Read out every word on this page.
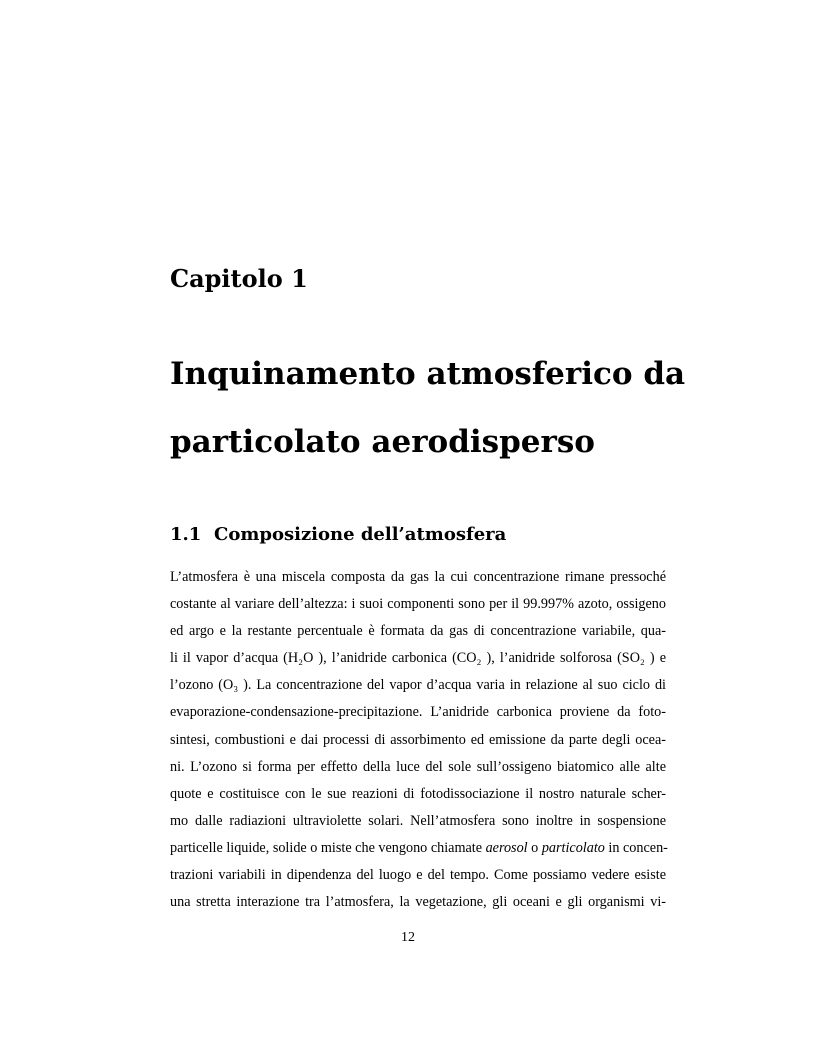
Capitolo 1
Inquinamento atmosferico da
particolato aerodisperso
1.1 Composizione dell’atmosfera
L’atmosfera è una miscela composta da gas la cui concentrazione rimane pressoché
costante al variare dell’altezza: i suoi componenti sono per il 99.997% azoto, ossigeno
ed argo e la restante percentuale è formata da gas di concentrazione variabile, qua-
li il vapor d’acqua (H₂O ), l’anidride carbonica (CO₂ ), l’anidride solforosa (SO₂ ) e
l’ozono (O₃ ). La concentrazione del vapor d’acqua varia in relazione al suo ciclo di
evaporazione-condensazione-precipitazione. L’anidride carbonica proviene da foto-
sintesi, combustioni e dai processi di assorbimento ed emissione da parte degli ocea-
ni. L’ozono si forma per effetto della luce del sole sull’ossigeno biatomico alle alte
quote e costituisce con le sue reazioni di fotodissociazione il nostro naturale scher-
mo dalle radiazioni ultraviolette solari. Nell’atmosfera sono inoltre in sospensione
particelle liquide, solide o miste che vengono chiamate aerosol o particolato in concen-
trazioni variabili in dipendenza del luogo e del tempo. Come possiamo vedere esiste
una stretta interazione tra l’atmosfera, la vegetazione, gli oceani e gli organismi vi-
12
